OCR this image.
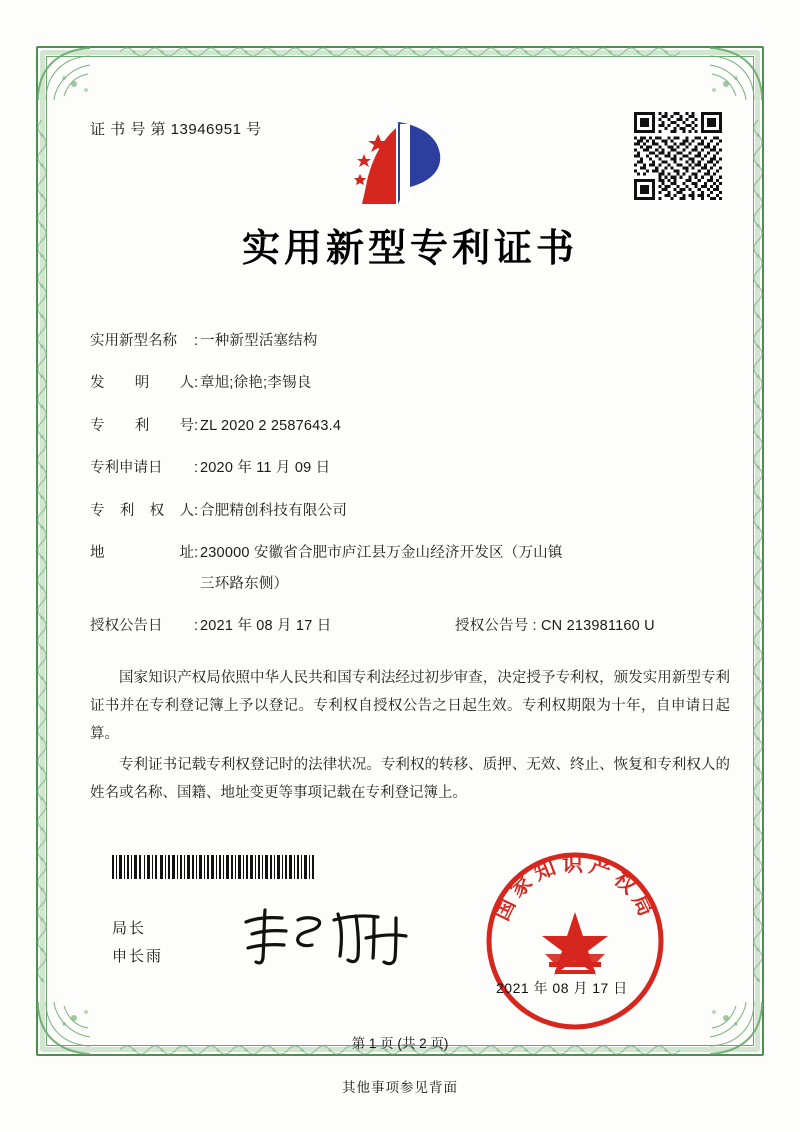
证 书 号 第 13946951 号
实用新型专利证书
实用新型名称	: 一种新型活塞结构
发 明 人 : 章旭;徐艳;李锡良
专 利 号 : ZL 2020 2 2587643.4
专利申请日	: 2020 年 11 月 09 日
专 利 权 人 : 合肥精创科技有限公司
地	址 : 230000 安徽省合肥市庐江县万金山经济开发区（万山镇
三环路东侧）
授权公告日	: 2021 年 08 月 17 日	授权公告号 : CN 213981160 U

国家知识产权局依照中华人民共和国专利法经过初步审查，决定授予专利权，颁发实用新型专利证书并在专利登记簿上予以登记。专利权自授权公告之日起生效。专利权期限为十年，自申请日起算。

专利证书记载专利权登记时的法律状况。专利权的转移、质押、无效、终止、恢复和专利权人的姓名或名称、国籍、地址变更等事项记载在专利登记簿上。

局长
申长雨
国家知识产权局
2021 年 08 月 17 日
第 1 页 (共 2 页)
其他事项参见背面
